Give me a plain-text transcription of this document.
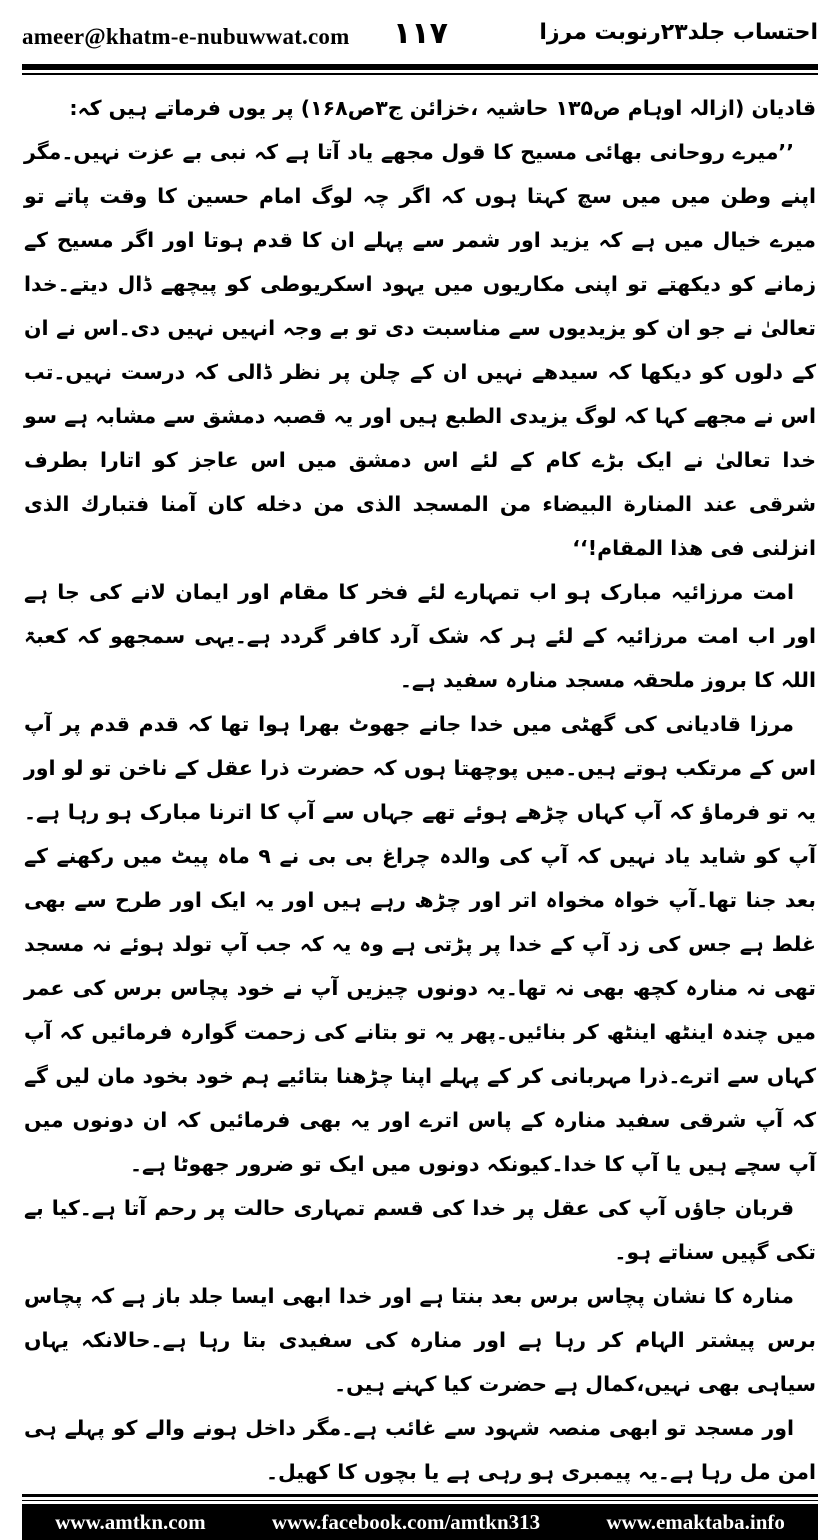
ameer@khatm-e-nubuwwat.com ۱۱۷	احتساب جلد۲۳رنوبت مرزا

قادیان (ازالہ اوہام ص۱۳۵ حاشیہ ،خزائن ج۳ص۱۶۸) پر یوں فرماتے ہیں کہ:

’’میرے روحانی بھائی مسیح کا قول مجھے یاد آتا ہے کہ نبی بے عزت نہیں۔مگر اپنے وطن میں میں سچ کہتا ہوں کہ اگر چہ لوگ امام حسین کا وقت پاتے تو میرے خیال میں ہے کہ یزید اور شمر سے پہلے ان کا قدم ہوتا اور اگر مسیح کے زمانے کو دیکھتے تو اپنی مکاریوں میں یہود اسکریوطی کو پیچھے ڈال دیتے۔خدا تعالیٰ نے جو ان کو یزیدیوں سے مناسبت دی تو بے وجہ انہیں نہیں دی۔اس نے ان کے دلوں کو دیکھا کہ سیدھے نہیں ان کے چلن پر نظر ڈالی کہ درست نہیں۔تب اس نے مجھے کہا کہ لوگ یزیدی الطبع ہیں اور یہ قصبہ دمشق سے مشابہ ہے سو خدا تعالیٰ نے ایک بڑے کام کے لئے اس دمشق میں اس عاجز کو اتارا بطرف شرقی عند المنارة البیضاء من المسجد الذی من دخله کان آمنا فتبارك الذی انزلنی فی هذا المقام!‘‘

امت مرزائیہ مبارک ہو اب تمہارے لئے فخر کا مقام اور ایمان لانے کی جا ہے اور اب امت مرزائیہ کے لئے ہر کہ شک آرد کافر گردد ہے۔یہی سمجھو کہ کعبۃ اللہ کا بروز ملحقہ مسجد منارہ سفید ہے۔

مرزا قادیانی کی گھٹی میں خدا جانے جھوٹ بھرا ہوا تھا کہ قدم قدم پر آپ اس کے مرتکب ہوتے ہیں۔میں پوچھتا ہوں کہ حضرت ذرا عقل کے ناخن تو لو اور یہ تو فرماؤ کہ آپ کہاں چڑھے ہوئے تھے جہاں سے آپ کا اترنا مبارک ہو رہا ہے۔آپ کو شاید یاد نہیں کہ آپ کی والدہ چراغ بی بی نے ۹ ماہ پیٹ میں رکھنے کے بعد جنا تھا۔آپ خواہ مخواہ اتر اور چڑھ رہے ہیں اور یہ ایک اور طرح سے بھی غلط ہے جس کی زد آپ کے خدا پر پڑتی ہے وہ یہ کہ جب آپ تولد ہوئے نہ مسجد تھی نہ منارہ کچھ بھی نہ تھا۔یہ دونوں چیزیں آپ نے خود پچاس برس کی عمر میں چندہ اینٹھ اینٹھ کر بنائیں۔پھر یہ تو بتانے کی زحمت گوارہ فرمائیں کہ آپ کہاں سے اترے۔ذرا مہربانی کر کے پہلے اپنا چڑھنا بتائیے ہم خود بخود مان لیں گے کہ آپ شرقی سفید منارہ کے پاس اترے اور یہ بھی فرمائیں کہ ان دونوں میں آپ سچے ہیں یا آپ کا خدا۔کیونکہ دونوں میں ایک تو ضرور جھوٹا ہے۔

قربان جاؤں آپ کی عقل پر خدا کی قسم تمہاری حالت پر رحم آتا ہے۔کیا بے تکی گپیں سناتے ہو۔

منارہ کا نشان پچاس برس بعد بنتا ہے اور خدا ابھی ایسا جلد باز ہے کہ پچاس برس پیشتر الہام کر رہا ہے اور منارہ کی سفیدی بتا رہا ہے۔حالانکہ یہاں سیاہی بھی نہیں،کمال ہے حضرت کیا کہنے ہیں۔

اور مسجد تو ابھی منصہ شہود سے غائب ہے۔مگر داخل ہونے والے کو پہلے ہی امن مل رہا ہے۔یہ پیمبری ہو رہی ہے یا بچوں کا کھیل۔

www.amtkn.com	www.facebook.com/amtkn313	www.emaktaba.info
